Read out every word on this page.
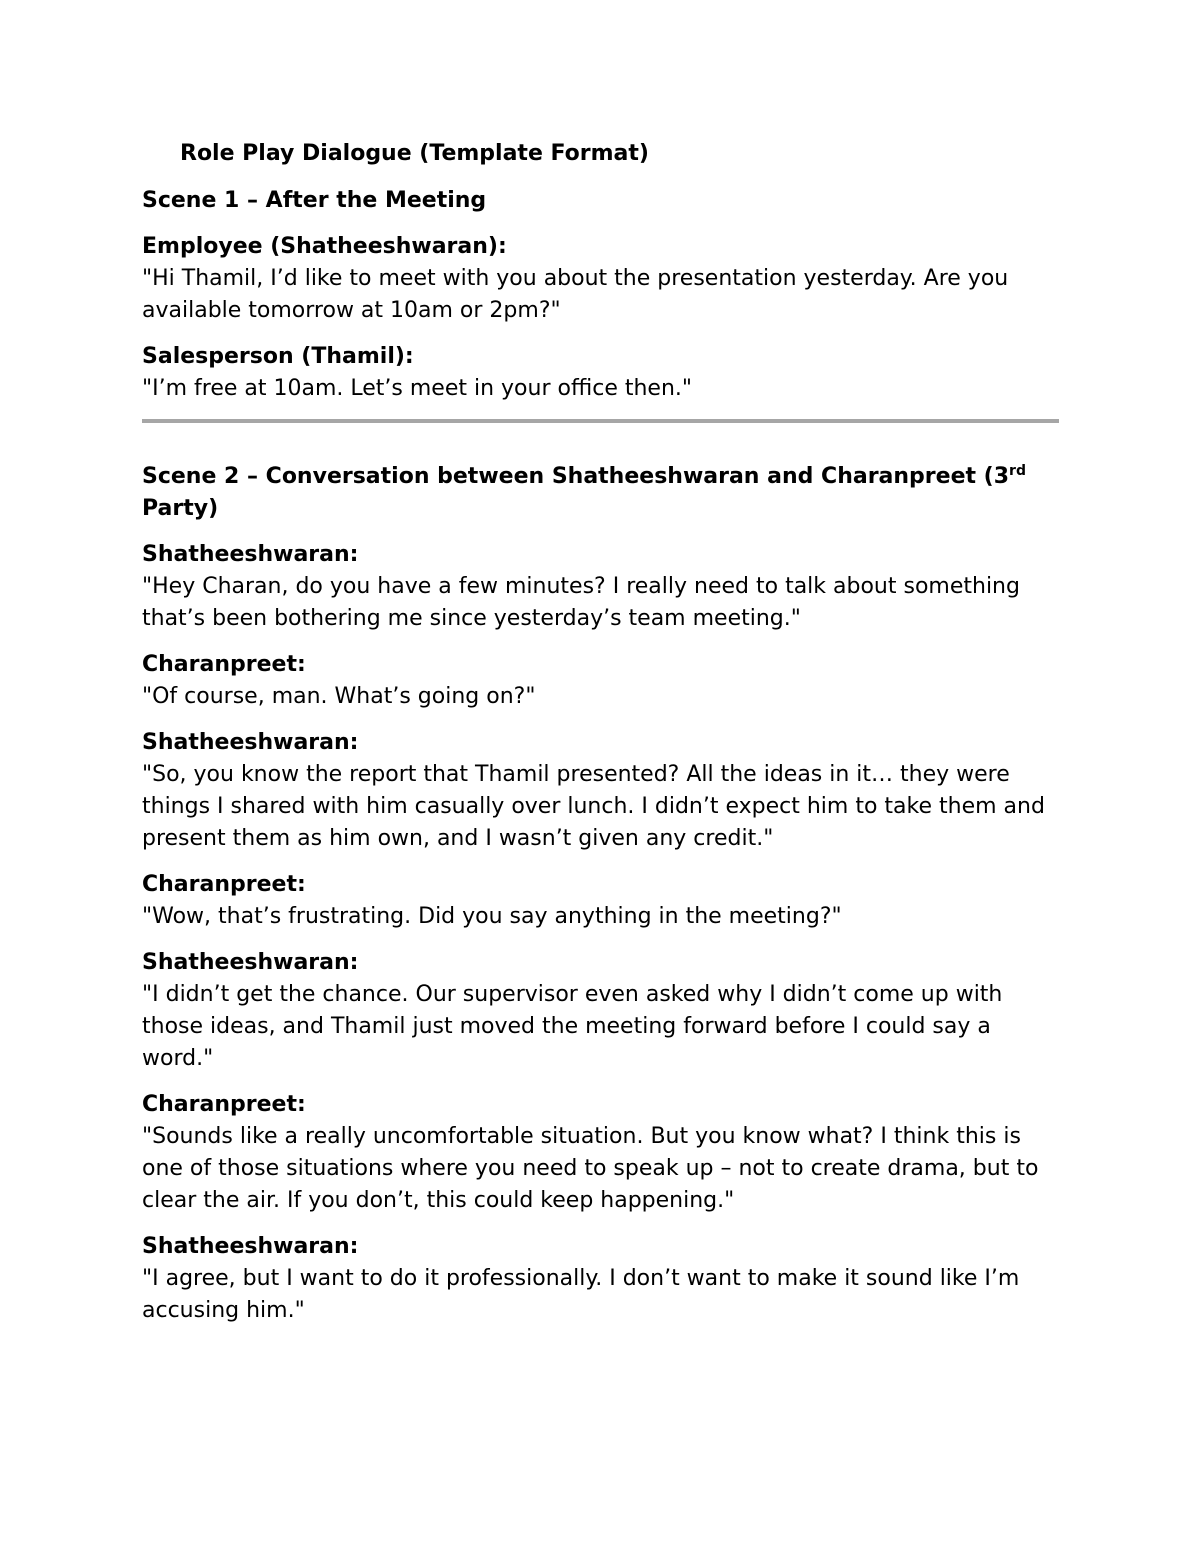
Role Play Dialogue (Template Format)
Scene 1 – After the Meeting
Employee (Shatheeshwaran):
"Hi Thamil, I’d like to meet with you about the presentation yesterday. Are you available tomorrow at 10am or 2pm?"
Salesperson (Thamil):
"I’m free at 10am. Let’s meet in your office then."
Scene 2 – Conversation between Shatheeshwaran and Charanpreet (3rd Party)
Shatheeshwaran:
"Hey Charan, do you have a few minutes? I really need to talk about something that’s been bothering me since yesterday’s team meeting."
Charanpreet:
"Of course, man. What’s going on?"
Shatheeshwaran:
"So, you know the report that Thamil presented? All the ideas in it… they were things I shared with him casually over lunch. I didn’t expect him to take them and present them as him own, and I wasn’t given any credit."
Charanpreet:
"Wow, that’s frustrating. Did you say anything in the meeting?"
Shatheeshwaran:
"I didn’t get the chance. Our supervisor even asked why I didn’t come up with those ideas, and Thamil just moved the meeting forward before I could say a word."
Charanpreet:
"Sounds like a really uncomfortable situation. But you know what? I think this is one of those situations where you need to speak up – not to create drama, but to clear the air. If you don’t, this could keep happening."
Shatheeshwaran:
"I agree, but I want to do it professionally. I don’t want to make it sound like I’m accusing him."
